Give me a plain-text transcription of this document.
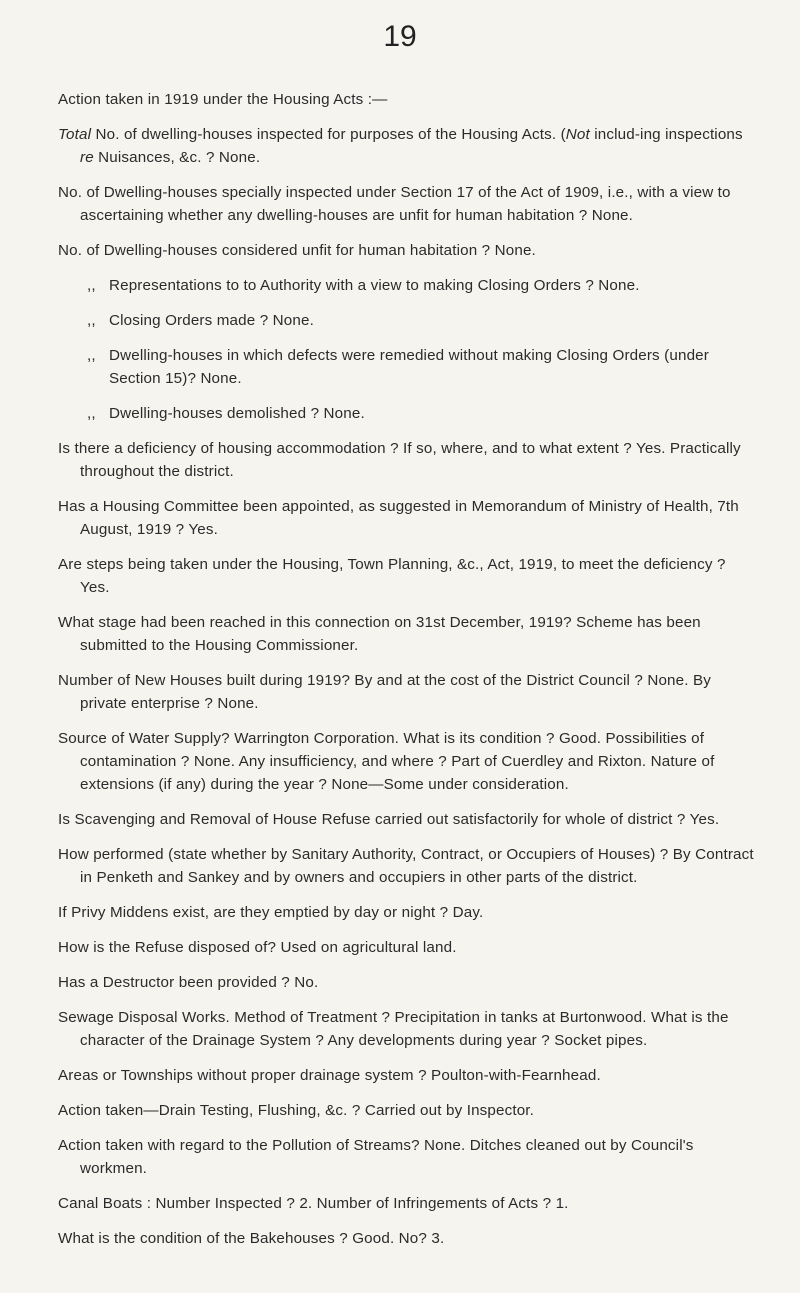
19

Action taken in 1919 under the Housing Acts :—

Total No. of dwelling-houses inspected for purposes of the Housing Acts. (Not includ-ing inspections re Nuisances, &c. ? None.

No. of Dwelling-houses specially inspected under Section 17 of the Act of 1909, i.e., with a view to ascertaining whether any dwelling-houses are unfit for human habitation ? None.

No. of Dwelling-houses considered unfit for human habitation ? None.

,, Representations to to Authority with a view to making Closing Orders ? None.

,, Closing Orders made ? None.

,, Dwelling-houses in which defects were remedied without making Closing Orders (under Section 15)? None.

,, Dwelling-houses demolished ? None.

Is there a deficiency of housing accommodation ? If so, where, and to what extent ? Yes. Practically throughout the district.

Has a Housing Committee been appointed, as suggested in Memorandum of Ministry of Health, 7th August, 1919 ? Yes.

Are steps being taken under the Housing, Town Planning, &c., Act, 1919, to meet the deficiency ? Yes.

What stage had been reached in this connection on 31st December, 1919? Scheme has been submitted to the Housing Commissioner.

Number of New Houses built during 1919? By and at the cost of the District Council ? None. By private enterprise ? None.

Source of Water Supply? Warrington Corporation. What is its condition ? Good. Possibilities of contamination ? None. Any insufficiency, and where ? Part of Cuerdley and Rixton. Nature of extensions (if any) during the year ? None—Some under consideration.

Is Scavenging and Removal of House Refuse carried out satisfactorily for whole of district ? Yes.

How performed (state whether by Sanitary Authority, Contract, or Occupiers of Houses) ? By Contract in Penketh and Sankey and by owners and occupiers in other parts of the district.

If Privy Middens exist, are they emptied by day or night ? Day.

How is the Refuse disposed of? Used on agricultural land.

Has a Destructor been provided ? No.

Sewage Disposal Works. Method of Treatment ? Precipitation in tanks at Burtonwood. What is the character of the Drainage System ? Any developments during year ? Socket pipes.

Areas or Townships without proper drainage system ? Poulton-with-Fearnhead.

Action taken—Drain Testing, Flushing, &c. ? Carried out by Inspector.

Action taken with regard to the Pollution of Streams? None. Ditches cleaned out by Council's workmen.

Canal Boats : Number Inspected ? 2. Number of Infringements of Acts ? 1.

What is the condition of the Bakehouses ? Good. No? 3.
